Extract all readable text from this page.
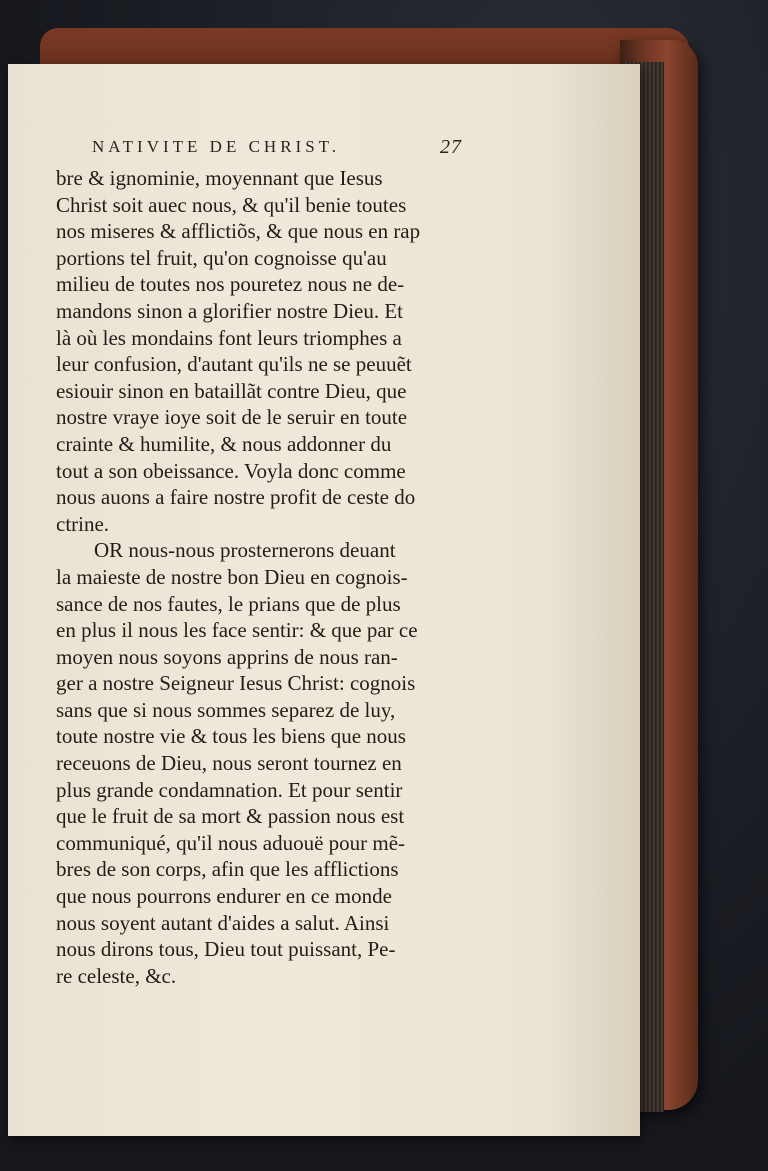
NATIVITE DE CHRIST.	27
bre & ignominie, moyennant que Iesus
Christ soit auec nous, & qu'il benie toutes
nos miseres & afflictiõs, & que nous en rap
portions tel fruit, qu'on cognoisse qu'au
milieu de toutes nos pouretez nous ne de-
mandons sinon a glorifier nostre Dieu. Et
là où les mondains font leurs triomphes a
leur confusion, d'autant qu'ils ne se peuuẽt
esiouir sinon en bataillãt contre Dieu, que
nostre vraye ioye soit de le seruir en toute
crainte & humilite, & nous addonner du
tout a son obeissance. Voyla donc comme
nous auons a faire nostre profit de ceste do
ctrine.
OR nous-nous prosternerons deuant
la maieste de nostre bon Dieu en cognois-
sance de nos fautes, le prians que de plus
en plus il nous les face sentir: & que par ce
moyen nous soyons apprins de nous ran-
ger a nostre Seigneur Iesus Christ: cognois
sans que si nous sommes separez de luy,
toute nostre vie & tous les biens que nous
receuons de Dieu, nous seront tournez en
plus grande condamnation. Et pour sentir
que le fruit de sa mort & passion nous est
communiqué, qu'il nous aduouë pour mẽ-
bres de son corps, afin que les afflictions
que nous pourrons endurer en ce monde
nous soyent autant d'aides a salut. Ainsi
nous dirons tous, Dieu tout puissant, Pe-
re celeste, &c.
